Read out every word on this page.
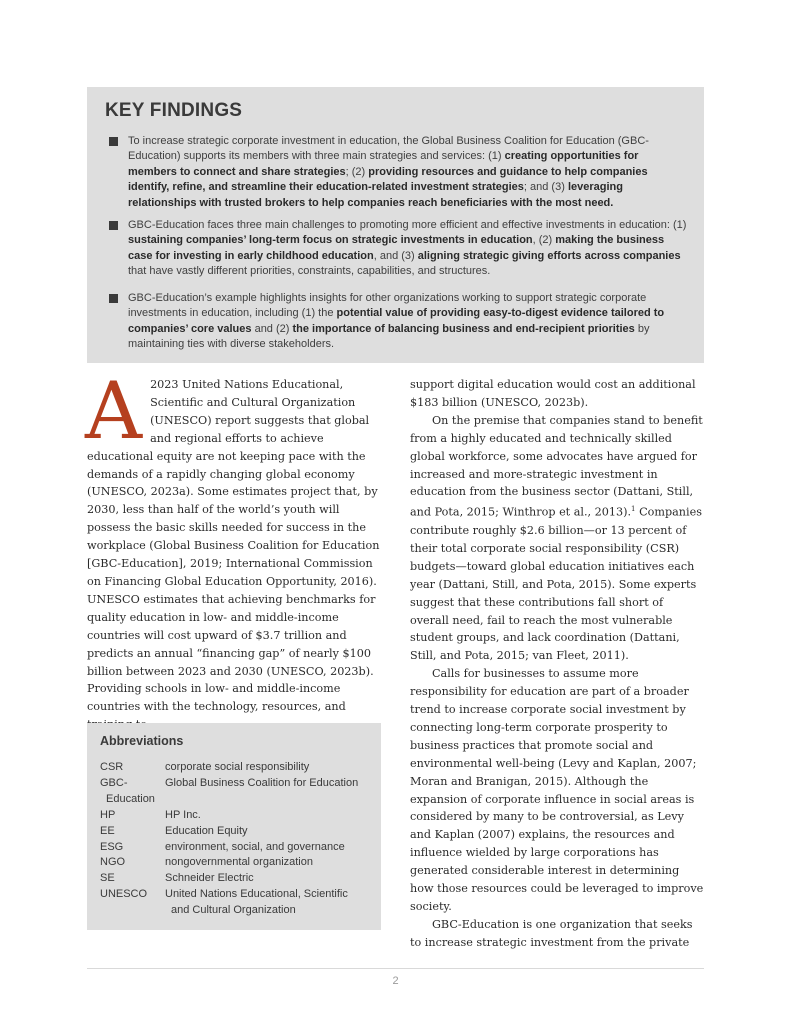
KEY FINDINGS

To increase strategic corporate investment in education, the Global Business Coalition for Education (GBC-Education) supports its members with three main strategies and services: (1) creating opportunities for members to connect and share strategies; (2) providing resources and guidance to help companies identify, refine, and streamline their education-related investment strategies; and (3) leveraging relationships with trusted brokers to help companies reach beneficiaries with the most need.

GBC-Education faces three main challenges to promoting more efficient and effective investments in education: (1) sustaining companies’ long-term focus on strategic investments in education, (2) making the business case for investing in early childhood education, and (3) aligning strategic giving efforts across companies that have vastly different priorities, constraints, capabilities, and structures.

GBC-Education’s example highlights insights for other organizations working to support strategic corporate investments in education, including (1) the potential value of providing easy-to-digest evidence tailored to companies’ core values and (2) the importance of balancing business and end-recipient priorities by maintaining ties with diverse stakeholders.

A 2023 United Nations Educational, Scientific and Cultural Organization (UNESCO) report suggests that global and regional efforts to achieve educational equity are not keeping pace with the demands of a rapidly changing global economy (UNESCO, 2023a). Some estimates project that, by 2030, less than half of the world’s youth will possess the basic skills needed for success in the workplace (Global Business Coalition for Education [GBC-Education], 2019; International Commission on Financing Global Education Opportunity, 2016). UNESCO estimates that achieving benchmarks for quality education in low- and middle-income countries will cost upward of $3.7 trillion and predicts an annual “financing gap” of nearly $100 billion between 2023 and 2030 (UNESCO, 2023b). Providing schools in low- and middle-income countries with the technology, resources, and

Abbreviations
CSR	corporate social responsibility
GBC-	Global Business Coalition for Education
Education
HP	HP Inc.
EE	Education Equity
ESG	environment, social, and governance
NGO	nongovernmental organization
SE	Schneider Electric
UNESCO	United Nations Educational, Scientific
and Cultural Organization

support digital education would cost an additional $183 billion (UNESCO, 2023b).

On the premise that companies stand to benefit from a highly educated and technically skilled global workforce, some advocates have argued for increased and more-strategic investment in education from the business sector (Dattani, Still, and Pota, 2015; Winthrop et al., 2013).$^1$ Companies contribute roughly $2.6 billion—or 13 percent of their total corporate social responsibility (CSR) budgets—toward global education initiatives each year (Dattani, Still, and Pota, 2015). Some experts suggest that these contributions fall short of overall need, fail to reach the most vulnerable student groups, and lack coordination (Dattani, Still, and Pota, 2015; van Fleet, 2011).

Calls for businesses to assume more responsibility for education are part of a broader trend to increase corporate social investment by connecting long-term corporate prosperity to business practices that promote social and environmental well-being (Levy and Kaplan, 2007; Moran and Branigan, 2015). Although the expansion of corporate influence in social areas is considered by many to be controversial, as Levy and Kaplan (2007) explains, the resources and influence wielded by large corporations has generated considerable interest in determining how those resources could be leveraged to improve society.

GBC-Education is one organization that seeks to increase strategic investment from the private

2
